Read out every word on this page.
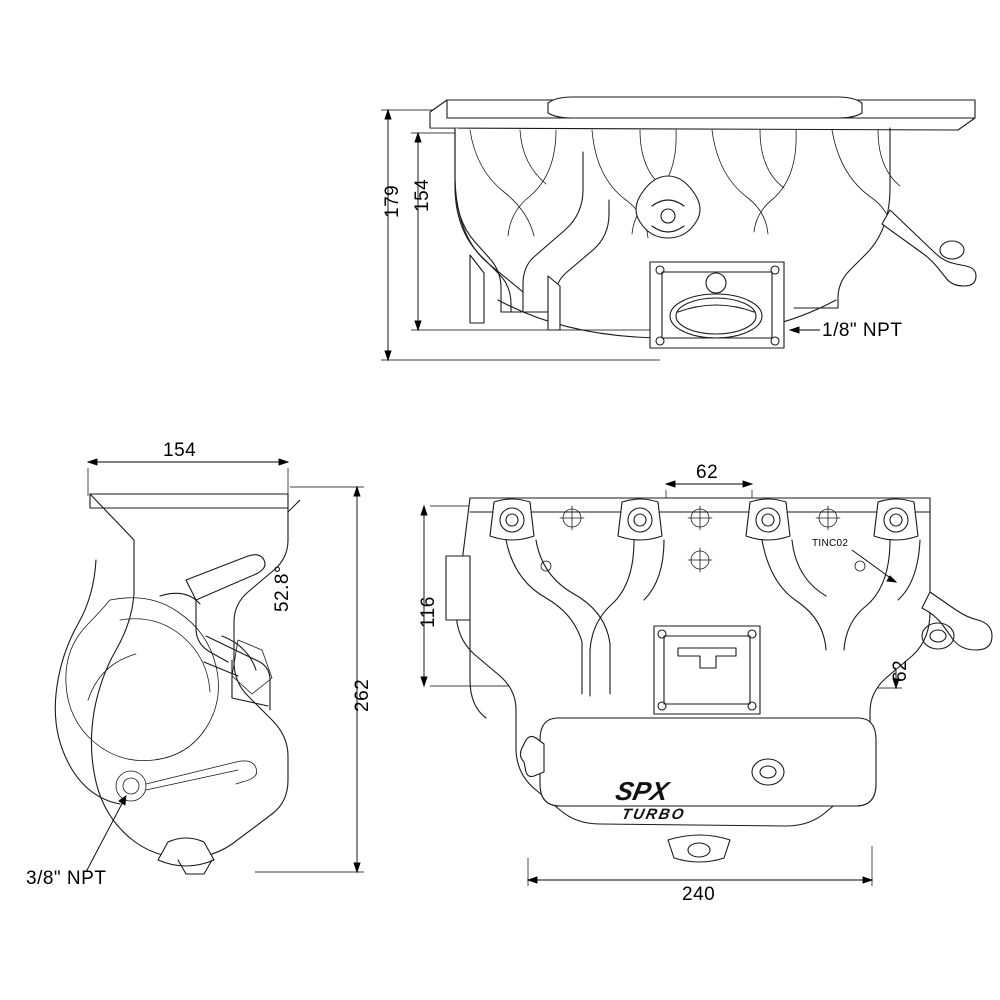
179 154
1/8" NPT
154
262
52.8°
3/8" NPT
62
116
62
240
TINC02
SPX
TURBO
